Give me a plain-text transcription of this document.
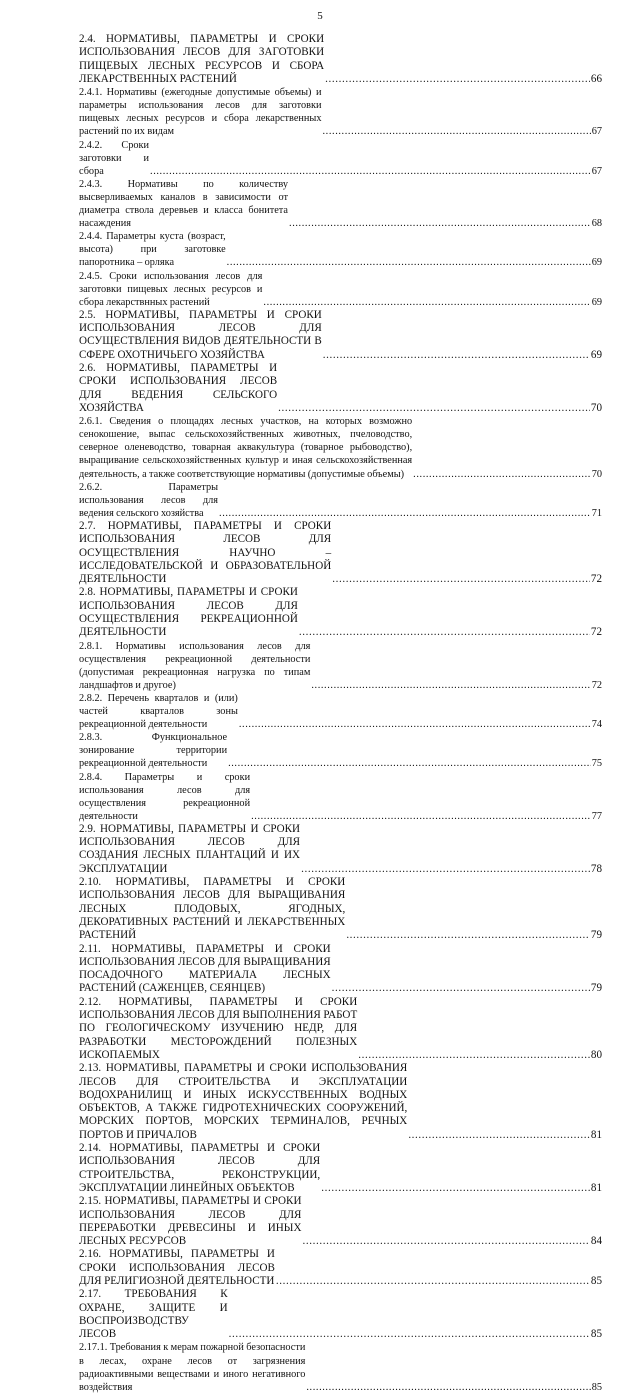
5
2.4. НОРМАТИВЫ, ПАРАМЕТРЫ И СРОКИ ИСПОЛЬЗОВАНИЯ ЛЕСОВ ДЛЯ ЗАГОТОВКИ ПИЩЕВЫХ ЛЕСНЫХ РЕСУРСОВ И СБОРА ЛЕКАРСТВЕННЫХ РАСТЕНИЙ .....	66
2.4.1. Нормативы (ежегодные допустимые объемы) и параметры использования лесов для заготовки пищевых лесных ресурсов и сбора лекарственных растений по их видам .....	67
2.4.2. Сроки заготовки и сбора .....	67
2.4.3. Нормативы по количеству высверливаемых каналов в зависимости от диаметра ствола деревьев и класса бонитета насаждения .....	68
2.4.4. Параметры куста (возраст, высота) при заготовке папоротника – орляка .....	69
2.4.5. Сроки использования лесов для заготовки пищевых лесных ресурсов и сбора лекарствнных растений .....	69
2.5. НОРМАТИВЫ, ПАРАМЕТРЫ И СРОКИ ИСПОЛЬЗОВАНИЯ ЛЕСОВ ДЛЯ ОСУЩЕСТВЛЕНИЯ ВИДОВ ДЕЯТЕЛЬНОСТИ В СФЕРЕ ОХОТНИЧЬЕГО ХОЗЯЙСТВА .....	69
2.6. НОРМАТИВЫ, ПАРАМЕТРЫ И СРОКИ ИСПОЛЬЗОВАНИЯ ЛЕСОВ ДЛЯ ВЕДЕНИЯ СЕЛЬСКОГО ХОЗЯЙСТВА .....	70
2.6.1. Сведения о площадях лесных участков, на которых возможно сенокошение, выпас сельскохозяйственных животных, пчеловодство, северное оленеводство, товарная аквакультура (товарное рыбоводство), выращивание сельскохозяйственных культур и иная сельскохозяйственная деятельность, а также соответствующие нормативы (допустимые объемы) .....	70
2.6.2. Параметры использования лесов для ведения сельского хозяйства .....	71
2.7. НОРМАТИВЫ, ПАРАМЕТРЫ И СРОКИ ИСПОЛЬЗОВАНИЯ ЛЕСОВ ДЛЯ ОСУЩЕСТВЛЕНИЯ НАУЧНО – ИССЛЕДОВАТЕЛЬСКОЙ И ОБРАЗОВАТЕЛЬНОЙ ДЕЯТЕЛЬНОСТИ .....	72
2.8. НОРМАТИВЫ, ПАРАМЕТРЫ И СРОКИ ИСПОЛЬЗОВАНИЯ ЛЕСОВ ДЛЯ ОСУЩЕСТВЛЕНИЯ РЕКРЕАЦИОННОЙ ДЕЯТЕЛЬНОСТИ .....	72
2.8.1. Нормативы использования лесов для осуществления рекреационной деятельности (допустимая рекреационная нагрузка по типам ландшафтов и другое) .....	72
2.8.2. Перечень кварталов и (или) частей кварталов зоны рекреационной деятельности .....	74
2.8.3. Функциональное зонирование территории рекреационной деятельности .....	75
2.8.4. Параметры и сроки использования лесов для осуществления рекреационной деятельности .....	77
2.9. НОРМАТИВЫ, ПАРАМЕТРЫ И СРОКИ ИСПОЛЬЗОВАНИЯ ЛЕСОВ ДЛЯ СОЗДАНИЯ ЛЕСНЫХ ПЛАНТАЦИЙ И ИХ ЭКСПЛУАТАЦИИ .....	78
2.10. НОРМАТИВЫ, ПАРАМЕТРЫ И СРОКИ ИСПОЛЬЗОВАНИЯ ЛЕСОВ ДЛЯ ВЫРАЩИВАНИЯ ЛЕСНЫХ ПЛОДОВЫХ, ЯГОДНЫХ, ДЕКОРАТИВНЫХ РАСТЕНИЙ И ЛЕКАРСТВЕННЫХ РАСТЕНИЙ .....	79
2.11. НОРМАТИВЫ, ПАРАМЕТРЫ И СРОКИ ИСПОЛЬЗОВАНИЯ ЛЕСОВ ДЛЯ ВЫРАЩИВАНИЯ ПОСАДОЧНОГО МАТЕРИАЛА ЛЕСНЫХ РАСТЕНИЙ (САЖЕНЦЕВ, СЕЯНЦЕВ) .....	79
2.12. НОРМАТИВЫ, ПАРАМЕТРЫ И СРОКИ ИСПОЛЬЗОВАНИЯ ЛЕСОВ ДЛЯ ВЫПОЛНЕНИЯ РАБОТ ПО ГЕОЛОГИЧЕСКОМУ ИЗУЧЕНИЮ НЕДР, ДЛЯ РАЗРАБОТКИ МЕСТОРОЖДЕНИЙ ПОЛЕЗНЫХ ИСКОПАЕМЫХ .....	80
2.13. НОРМАТИВЫ, ПАРАМЕТРЫ И СРОКИ ИСПОЛЬЗОВАНИЯ ЛЕСОВ ДЛЯ СТРОИТЕЛЬСТВА И ЭКСПЛУАТАЦИИ ВОДОХРАНИЛИЩ И ИНЫХ ИСКУССТВЕННЫХ ВОДНЫХ ОБЪЕКТОВ, А ТАКЖЕ ГИДРОТЕХНИЧЕСКИХ СООРУЖЕНИЙ, МОРСКИХ ПОРТОВ, МОРСКИХ ТЕРМИНАЛОВ, РЕЧНЫХ ПОРТОВ И ПРИЧАЛОВ .....	81
2.14. НОРМАТИВЫ, ПАРАМЕТРЫ И СРОКИ ИСПОЛЬЗОВАНИЯ ЛЕСОВ ДЛЯ СТРОИТЕЛЬСТВА, РЕКОНСТРУКЦИИ, ЭКСПЛУАТАЦИИ ЛИНЕЙНЫХ ОБЪЕКТОВ .....	81
2.15. НОРМАТИВЫ, ПАРАМЕТРЫ И СРОКИ ИСПОЛЬЗОВАНИЯ ЛЕСОВ ДЛЯ ПЕРЕРАБОТКИ ДРЕВЕСИНЫ И ИНЫХ ЛЕСНЫХ РЕСУРСОВ .....	84
2.16. НОРМАТИВЫ, ПАРАМЕТРЫ И СРОКИ ИСПОЛЬЗОВАНИЯ ЛЕСОВ ДЛЯ РЕЛИГИОЗНОЙ ДЕЯТЕЛЬНОСТИ .....	85
2.17. ТРЕБОВАНИЯ К ОХРАНЕ, ЗАЩИТЕ И ВОСПРОИЗВОДСТВУ ЛЕСОВ .....	85
2.17.1. Требования к мерам пожарной безопасности в лесах, охране лесов от загрязнения радиоактивными веществами и иного негативного воздействия .....	85
